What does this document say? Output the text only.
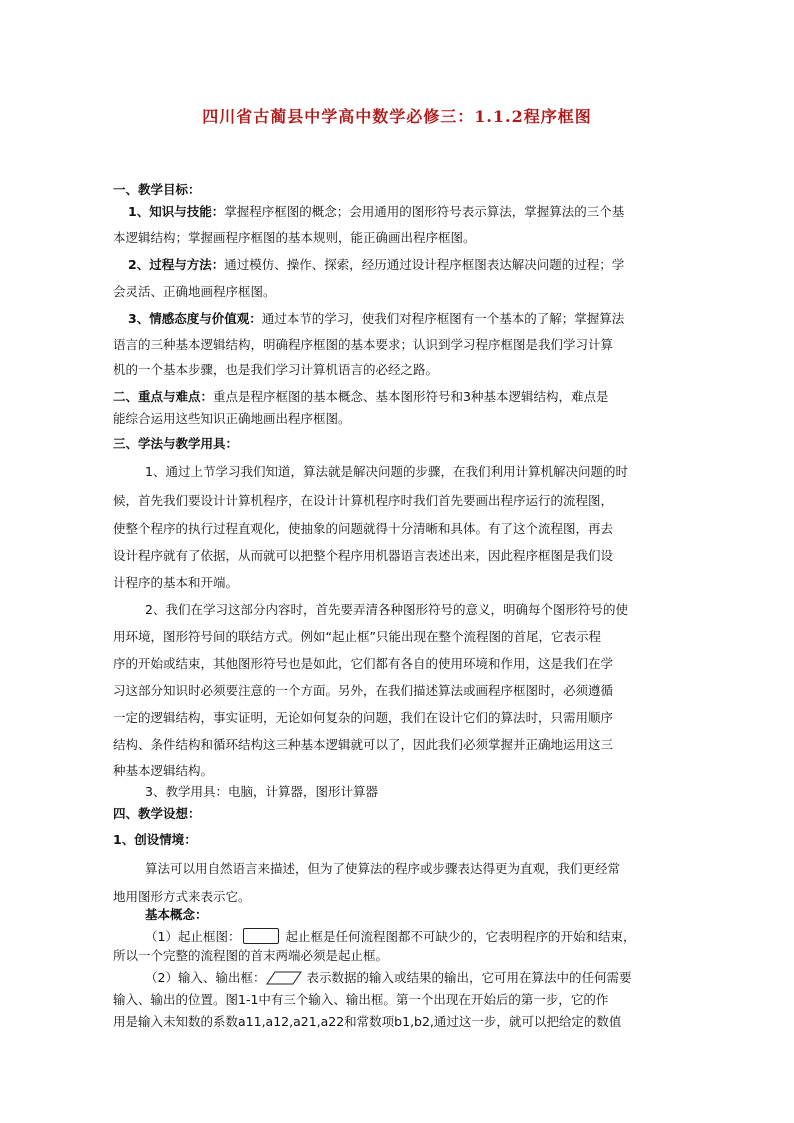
四川省古蔺县中学高中数学必修三：1.1.2程序框图
一、教学目标：
1、知识与技能：掌握程序框图的概念；会用通用的图形符号表示算法，掌握算法的三个基
本逻辑结构；掌握画程序框图的基本规则，能正确画出程序框图。
2、过程与方法：通过模仿、操作、探索，经历通过设计程序框图表达解决问题的过程；学
会灵活、正确地画程序框图。
3、情感态度与价值观：通过本节的学习，使我们对程序框图有一个基本的了解；掌握算法
语言的三种基本逻辑结构，明确程序框图的基本要求；认识到学习程序框图是我们学习计算
机的一个基本步骤，也是我们学习计算机语言的必经之路。
二、重点与难点：重点是程序框图的基本概念、基本图形符号和3种基本逻辑结构，难点是
能综合运用这些知识正确地画出程序框图。
三、学法与教学用具：
1、通过上节学习我们知道，算法就是解决问题的步骤，在我们利用计算机解决问题的时
候，首先我们要设计计算机程序，在设计计算机程序时我们首先要画出程序运行的流程图，
使整个程序的执行过程直观化，使抽象的问题就得十分清晰和具体。有了这个流程图，再去
设计程序就有了依据，从而就可以把整个程序用机器语言表述出来，因此程序框图是我们设
计程序的基本和开端。
2、我们在学习这部分内容时，首先要弄清各种图形符号的意义，明确每个图形符号的使
用环境，图形符号间的联结方式。例如“起止框”只能出现在整个流程图的首尾，它表示程
序的开始或结束，其他图形符号也是如此，它们都有各自的使用环境和作用，这是我们在学
习这部分知识时必须要注意的一个方面。另外，在我们描述算法或画程序框图时，必须遵循
一定的逻辑结构，事实证明，无论如何复杂的问题，我们在设计它们的算法时，只需用顺序
结构、条件结构和循环结构这三种基本逻辑就可以了，因此我们必须掌握并正确地运用这三
种基本逻辑结构。
3、教学用具：电脑，计算器，图形计算器
四、教学设想：
1、创设情境：
算法可以用自然语言来描述，但为了使算法的程序或步骤表达得更为直观，我们更经常
地用图形方式来表示它。
基本概念：
（1）起止框图：	起止框是任何流程图都不可缺少的，它表明程序的开始和结束，
所以一个完整的流程图的首末两端必须是起止框。
（2）输入、输出框：	表示数据的输入或结果的输出，它可用在算法中的任何需要
输入、输出的位置。图1-1中有三个输入、输出框。第一个出现在开始后的第一步，它的作
用是输入未知数的系数a11,a12,a21,a22和常数项b1,b2,通过这一步，就可以把给定的数值
